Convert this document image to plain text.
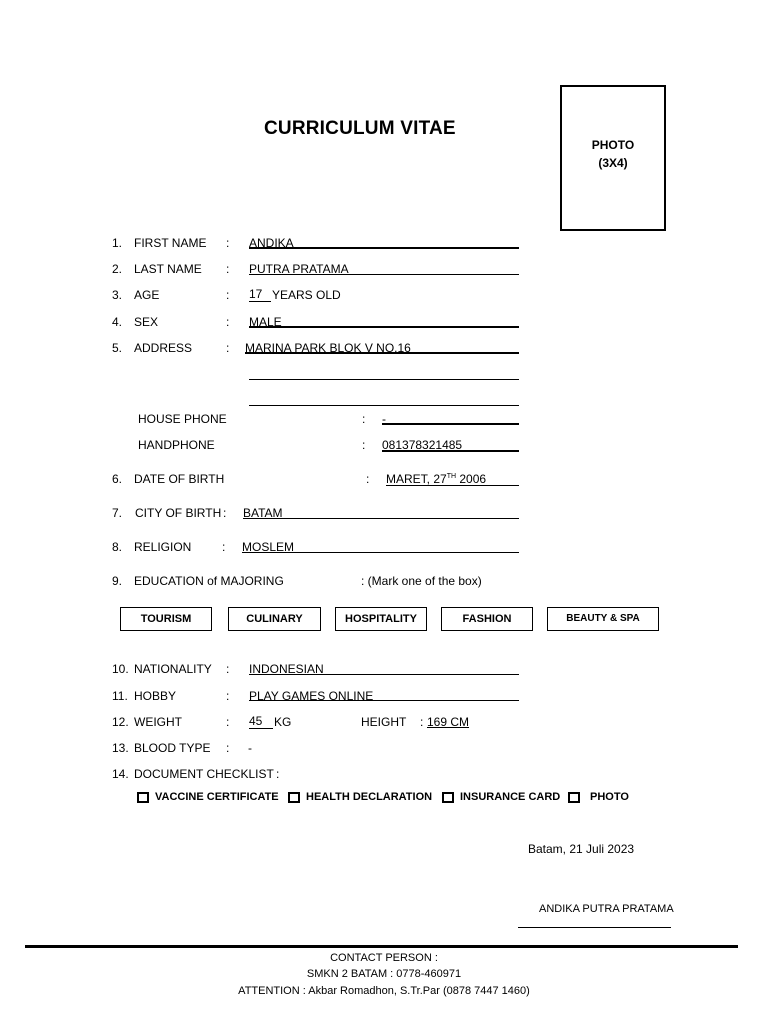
CURRICULUM VITAE
PHOTO
(3X4)
1. FIRST NAME : ANDIKA
2. LAST NAME : PUTRA PRATAMA
3. AGE	: 17 YEARS OLD
4. SEX	: MALE
5. ADDRESS	: MARINA PARK BLOK V NO.16
HOUSE PHONE	: -
HANDPHONE	: 081378321485
6. DATE OF BIRTH	: MARET, 27TH 2006
7. CITY OF BIRTH : BATAM
8. RELIGION	: MOSLEM
9. EDUCATION of MAJORING	: (Mark one of the box)
TOURISM	CULINARY	HOSPITALITY	FASHION	BEAUTY & SPA
10. NATIONALITY : INDONESIAN
11. HOBBY	: PLAY GAMES ONLINE
12. WEIGHT	: 45 KG	HEIGHT : 169 CM
13. BLOOD TYPE : -
14. DOCUMENT CHECKLIST :
VACCINE CERTIFICATE HEALTH DECLARATION	INSURANCE CARD	PHOTO
Batam, 21 Juli 2023
ANDIKA PUTRA PRATAMA
CONTACT PERSON :
SMKN 2 BATAM : 0778-460971
ATTENTION : Akbar Romadhon, S.Tr.Par (0878 7447 1460)
